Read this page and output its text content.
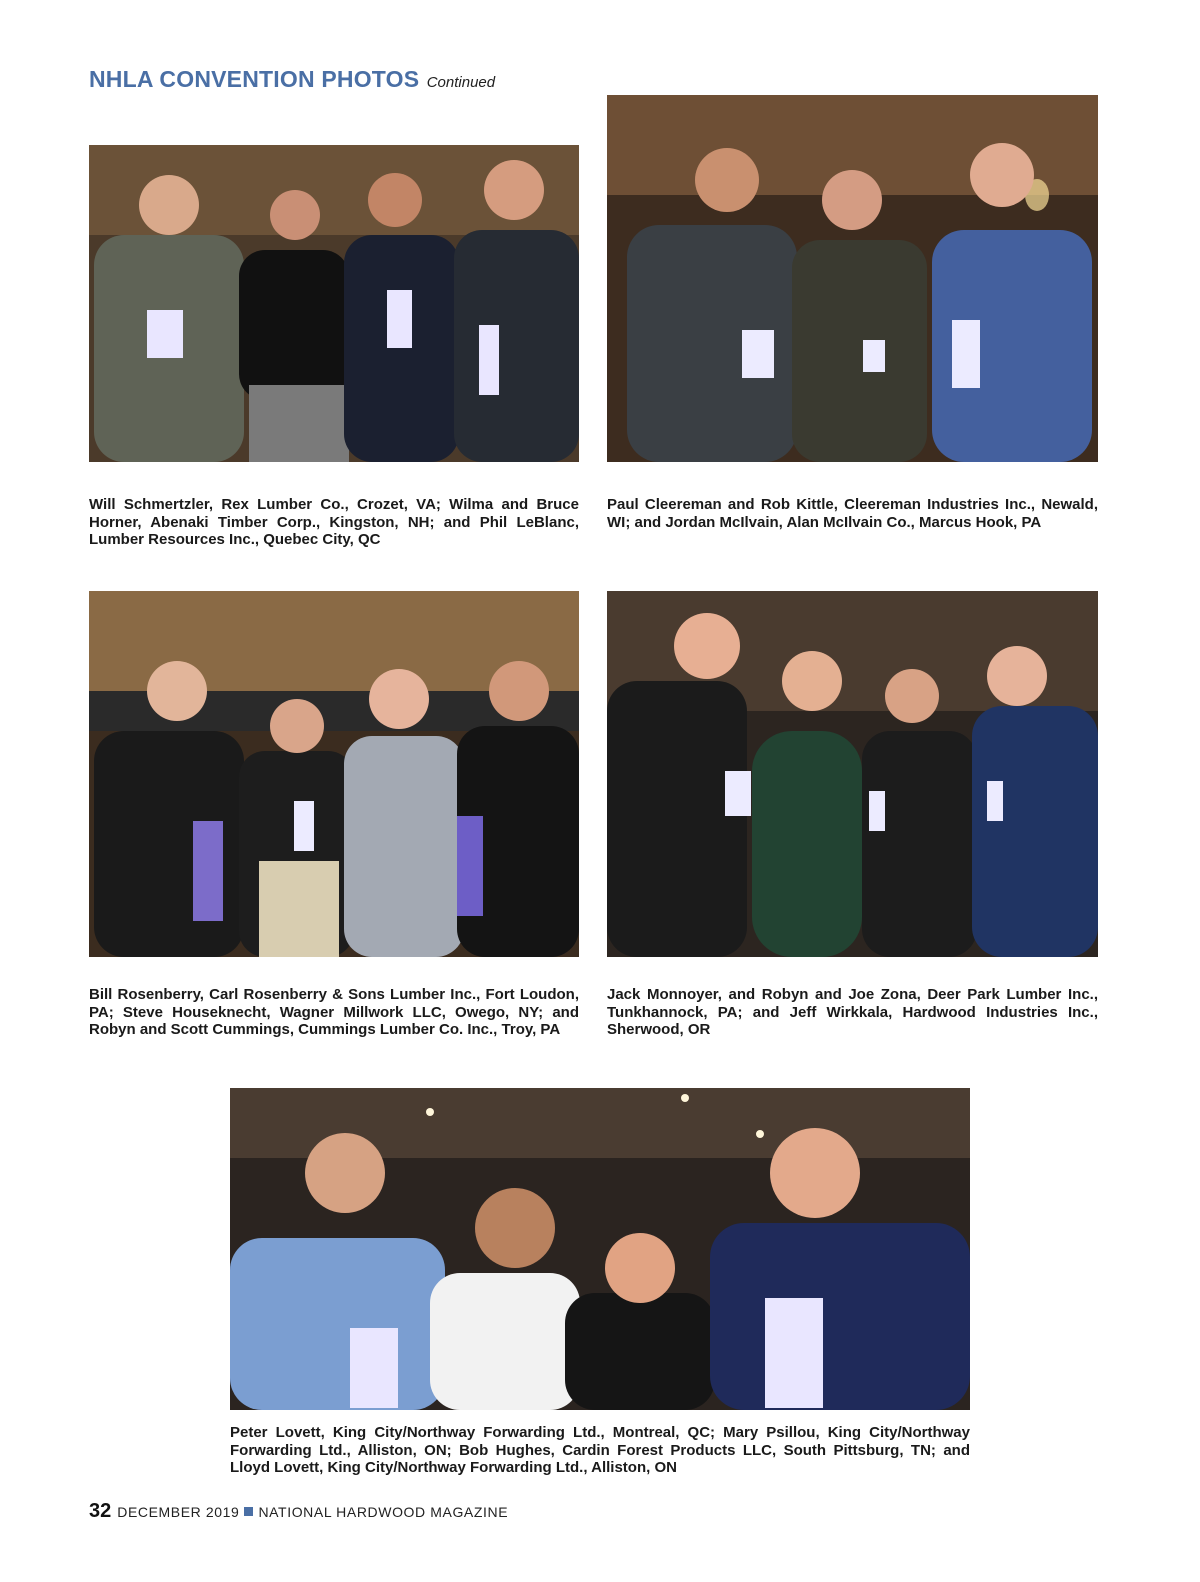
NHLA CONVENTION PHOTOS Continued
Will Schmertzler, Rex Lumber Co., Crozet, VA; Wilma and Bruce Horner, Abenaki Timber Corp., Kingston, NH; and Phil LeBlanc, Lumber Resources Inc., Quebec City, QC
Paul Cleereman and Rob Kittle, Cleereman Industries Inc., Newald, WI; and Jordan McIlvain, Alan McIlvain Co., Marcus Hook, PA
Bill Rosenberry, Carl Rosenberry & Sons Lumber Inc., Fort Loudon, PA; Steve Houseknecht, Wagner Millwork LLC, Owego, NY; and Robyn and Scott Cummings, Cummings Lumber Co. Inc., Troy, PA
Jack Monnoyer, and Robyn and Joe Zona, Deer Park Lumber Inc., Tunkhannock, PA; and Jeff Wirkkala, Hardwood Industries Inc., Sherwood, OR
Peter Lovett, King City/Northway Forwarding Ltd., Montreal, QC; Mary Psillou, King City/Northway Forwarding Ltd., Alliston, ON; Bob Hughes, Cardin Forest Products LLC, South Pittsburg, TN; and Lloyd Lovett, King City/Northway Forwarding Ltd., Alliston, ON
32 DECEMBER 2019 NATIONAL HARDWOOD MAGAZINE
